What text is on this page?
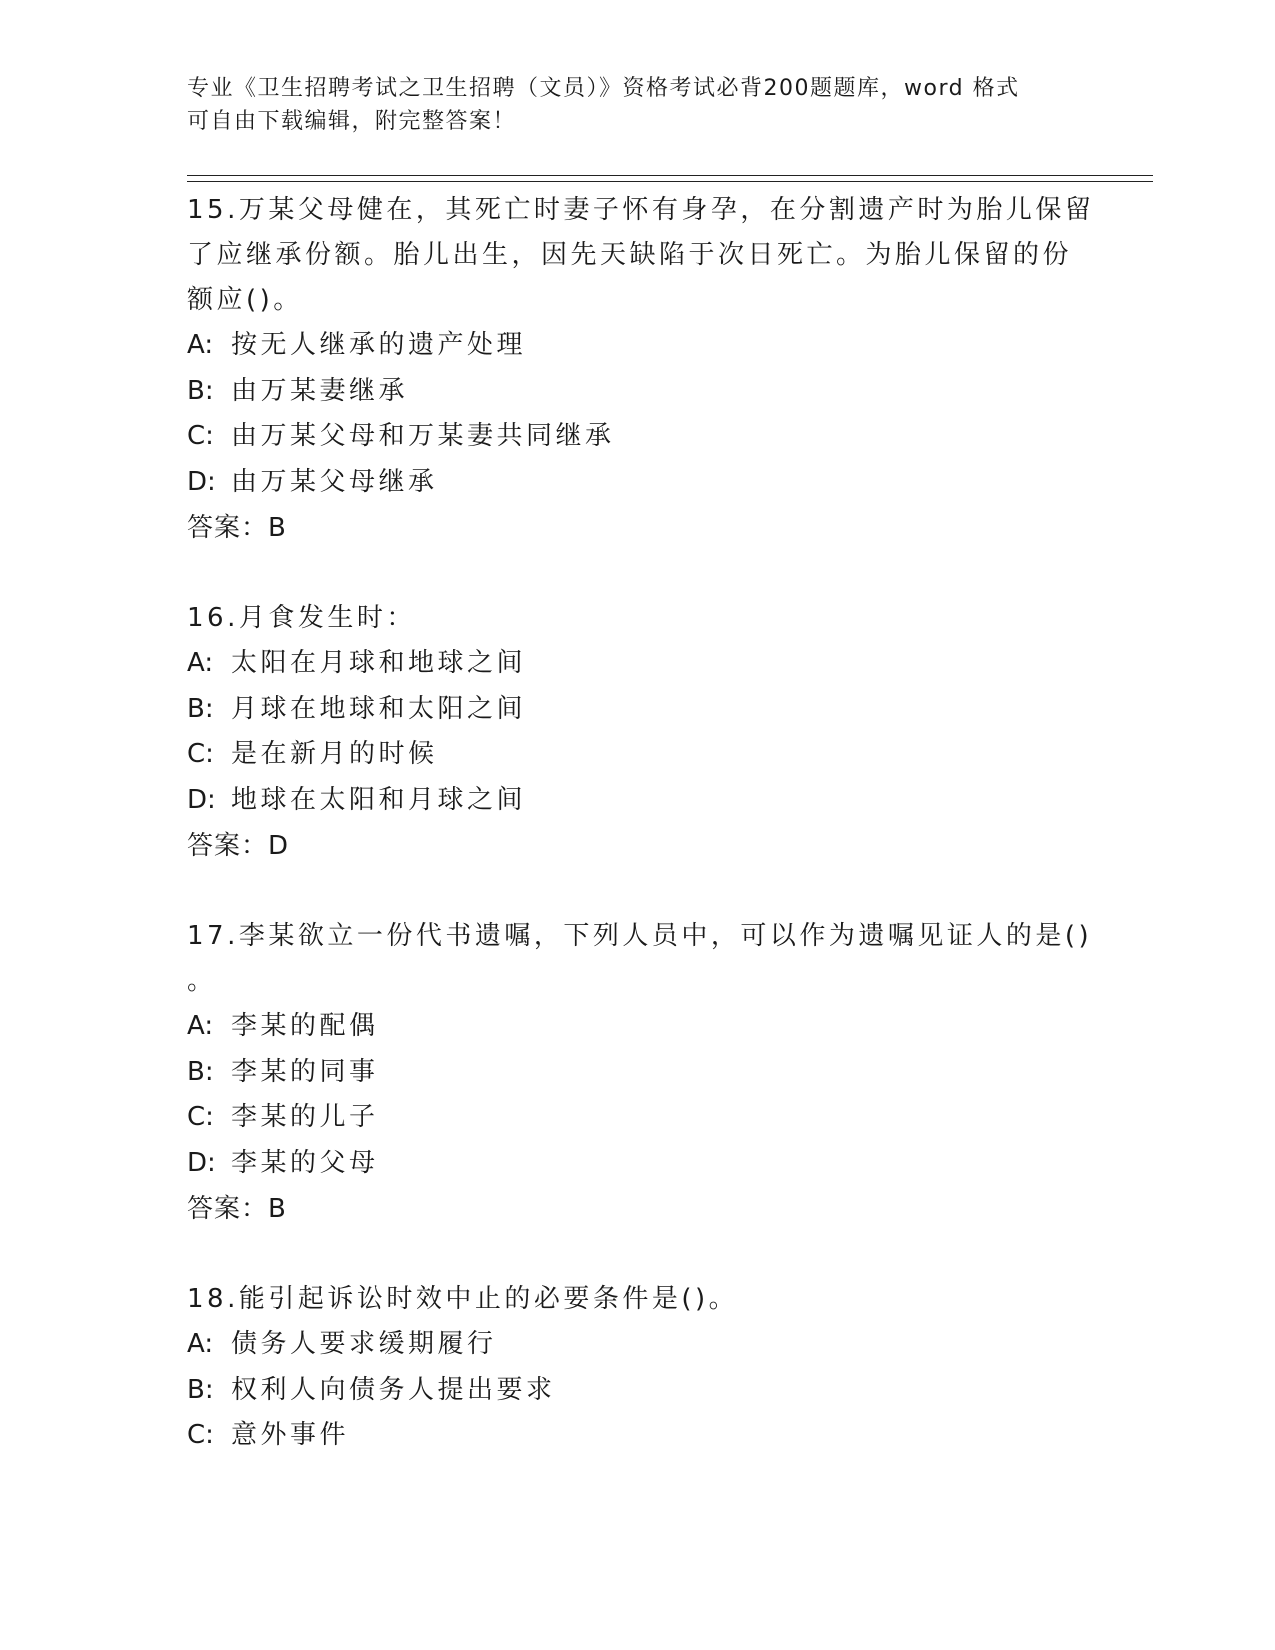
专业《卫生招聘考试之卫生招聘（文员）》资格考试必背200题题库，word 格式
可自由下载编辑，附完整答案！
15.万某父母健在，其死亡时妻子怀有身孕，在分割遗产时为胎儿保留
了应继承份额。胎儿出生，因先天缺陷于次日死亡。为胎儿保留的份
额应()。
A: 按无人继承的遗产处理
B: 由万某妻继承
C: 由万某父母和万某妻共同继承
D: 由万某父母继承
答案：B
16.月食发生时：
A: 太阳在月球和地球之间
B: 月球在地球和太阳之间
C: 是在新月的时候
D: 地球在太阳和月球之间
答案：D
17.李某欲立一份代书遗嘱，下列人员中，可以作为遗嘱见证人的是()
。
A: 李某的配偶
B: 李某的同事
C: 李某的儿子
D: 李某的父母
答案：B
18.能引起诉讼时效中止的必要条件是()。
A: 债务人要求缓期履行
B: 权利人向债务人提出要求
C: 意外事件
